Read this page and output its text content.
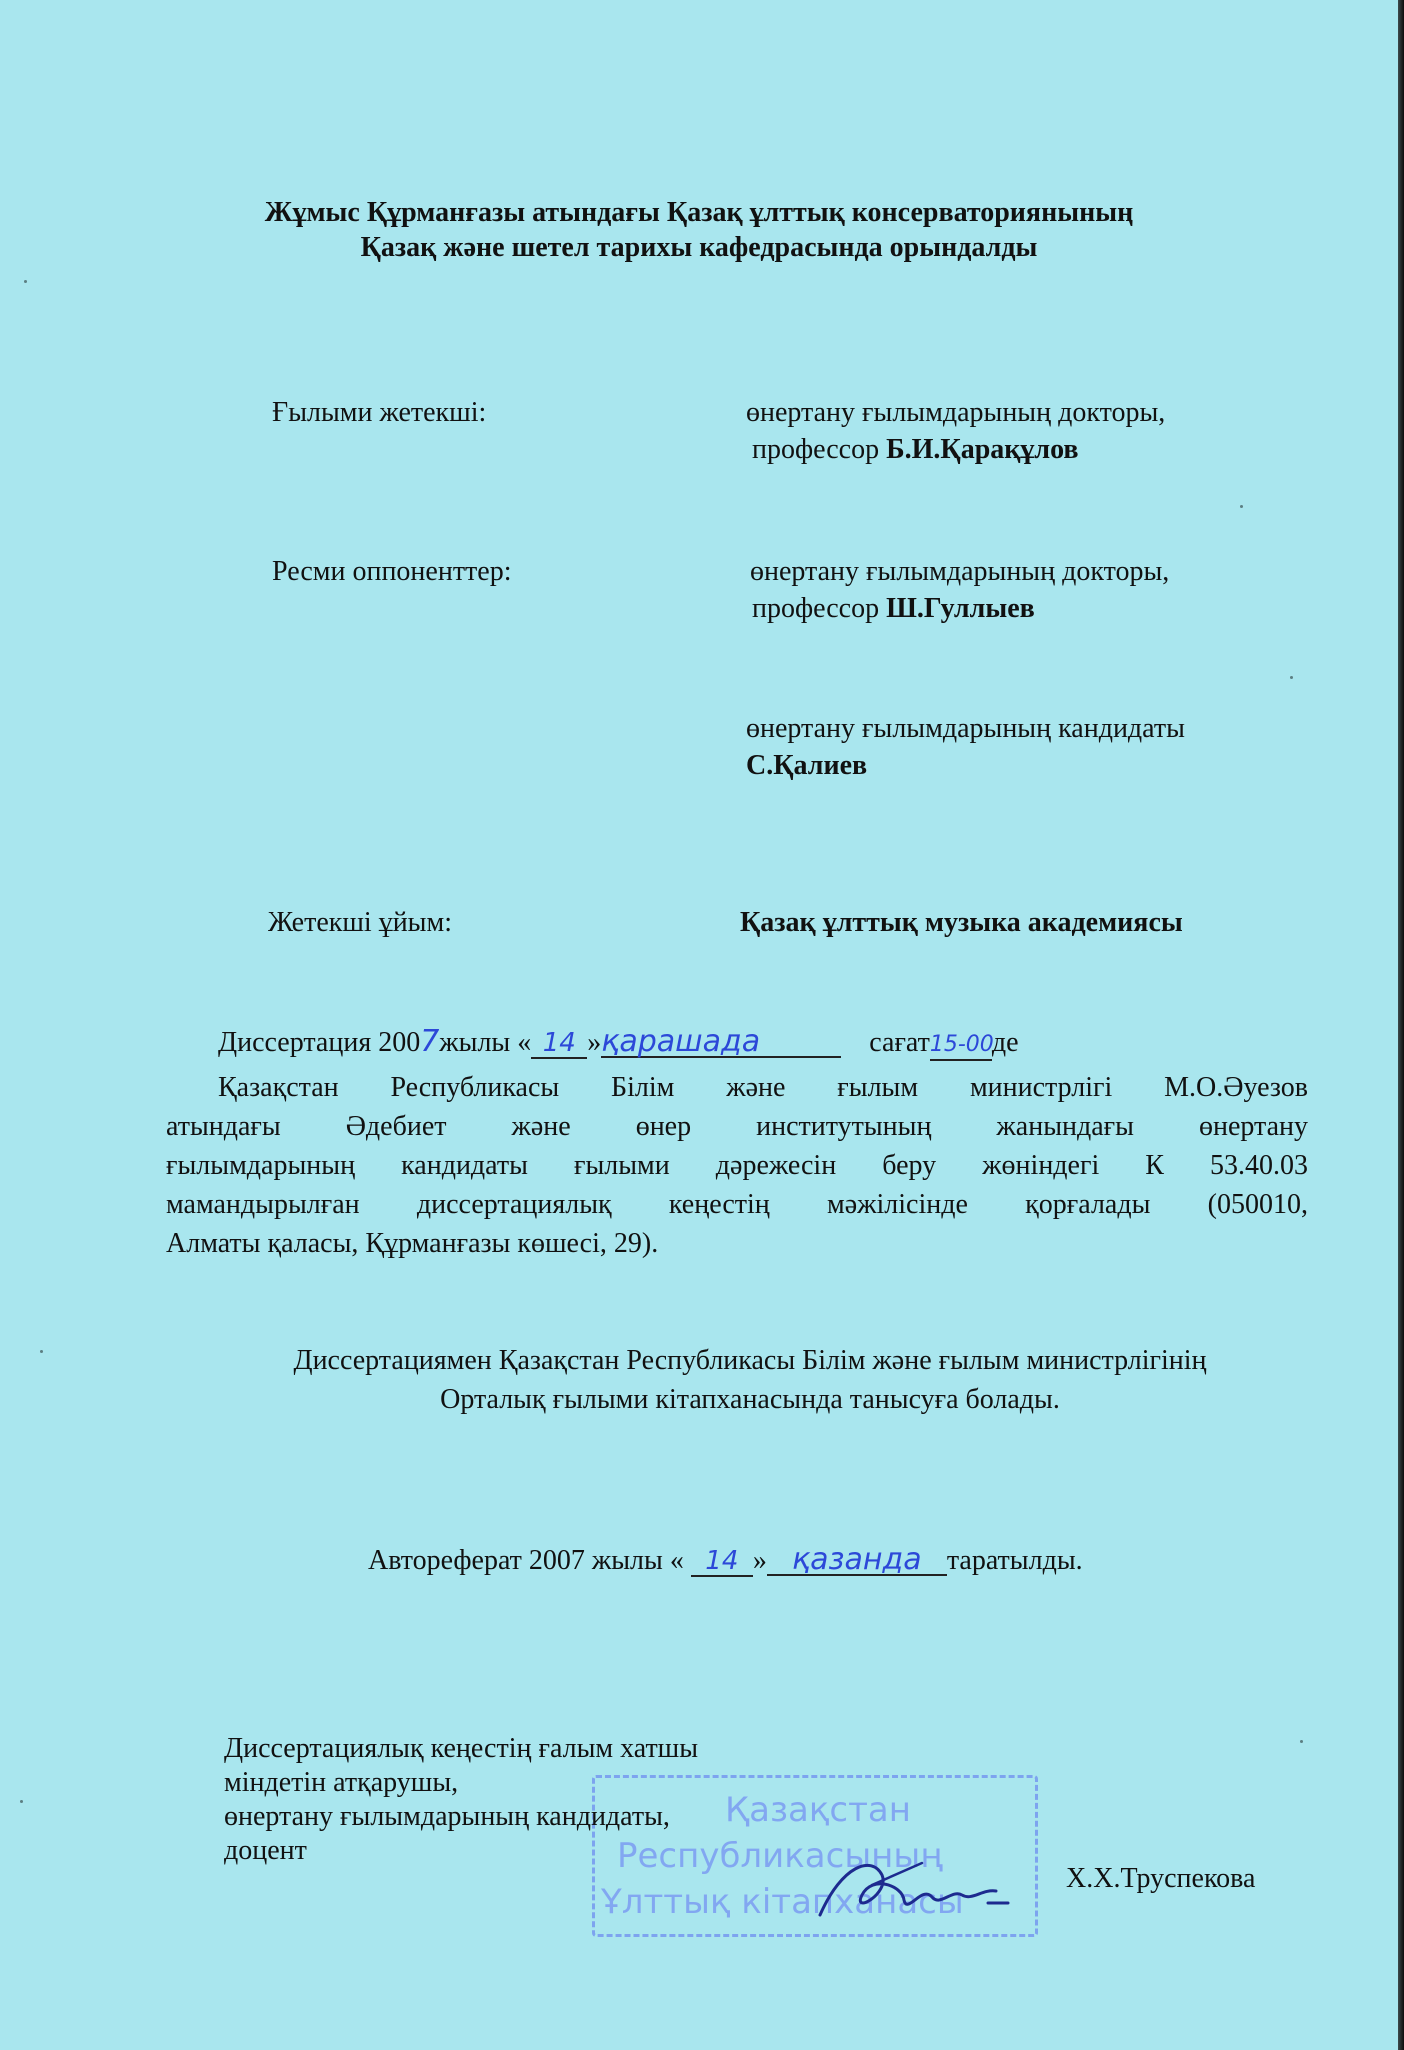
Жұмыс Құрманғазы атындағы Қазақ ұлттық консерваториянының
Қазақ және шетел тарихы кафедрасында орындалды
Ғылыми жетекші:	өнертану ғылымдарының докторы,
профессор Б.И.Қарақұлов
Ресми оппоненттер:	өнертану ғылымдарының докторы,
профессор Ш.Гуллыев
өнертану ғылымдарының кандидаты
С.Қалиев
Жетекші ұйым:	Қазақ ұлттық музыка академиясы
Диссертация 2007жылы « 14 »қарашада	сағат15-00де
Қазақстан Республикасы Білім және ғылым министрлігі М.О.Әуезов
атындағы Әдебиет және өнер институтының жанындағы өнертану
ғылымдарының кандидаты ғылыми дәрежесін беру жөніндегі К 53.40.03
мамандырылған диссертациялық кеңестің мәжілісінде қорғалады (050010,
Алматы қаласы, Құрманғазы көшесі, 29).
Диссертациямен Қазақстан Республикасы Білім және ғылым министрлігінің
Орталық ғылыми кітапханасында танысуға болады.
Автореферат 2007 жылы « 14 » қазанда таратылды.
Қазақстан
Республикасының
Ұлттық кітапханасы
Диссертациялық кеңестің ғалым хатшы
міндетін атқарушы,
өнертану ғылымдарының кандидаты,
доцент
Х.Х.Труспекова
